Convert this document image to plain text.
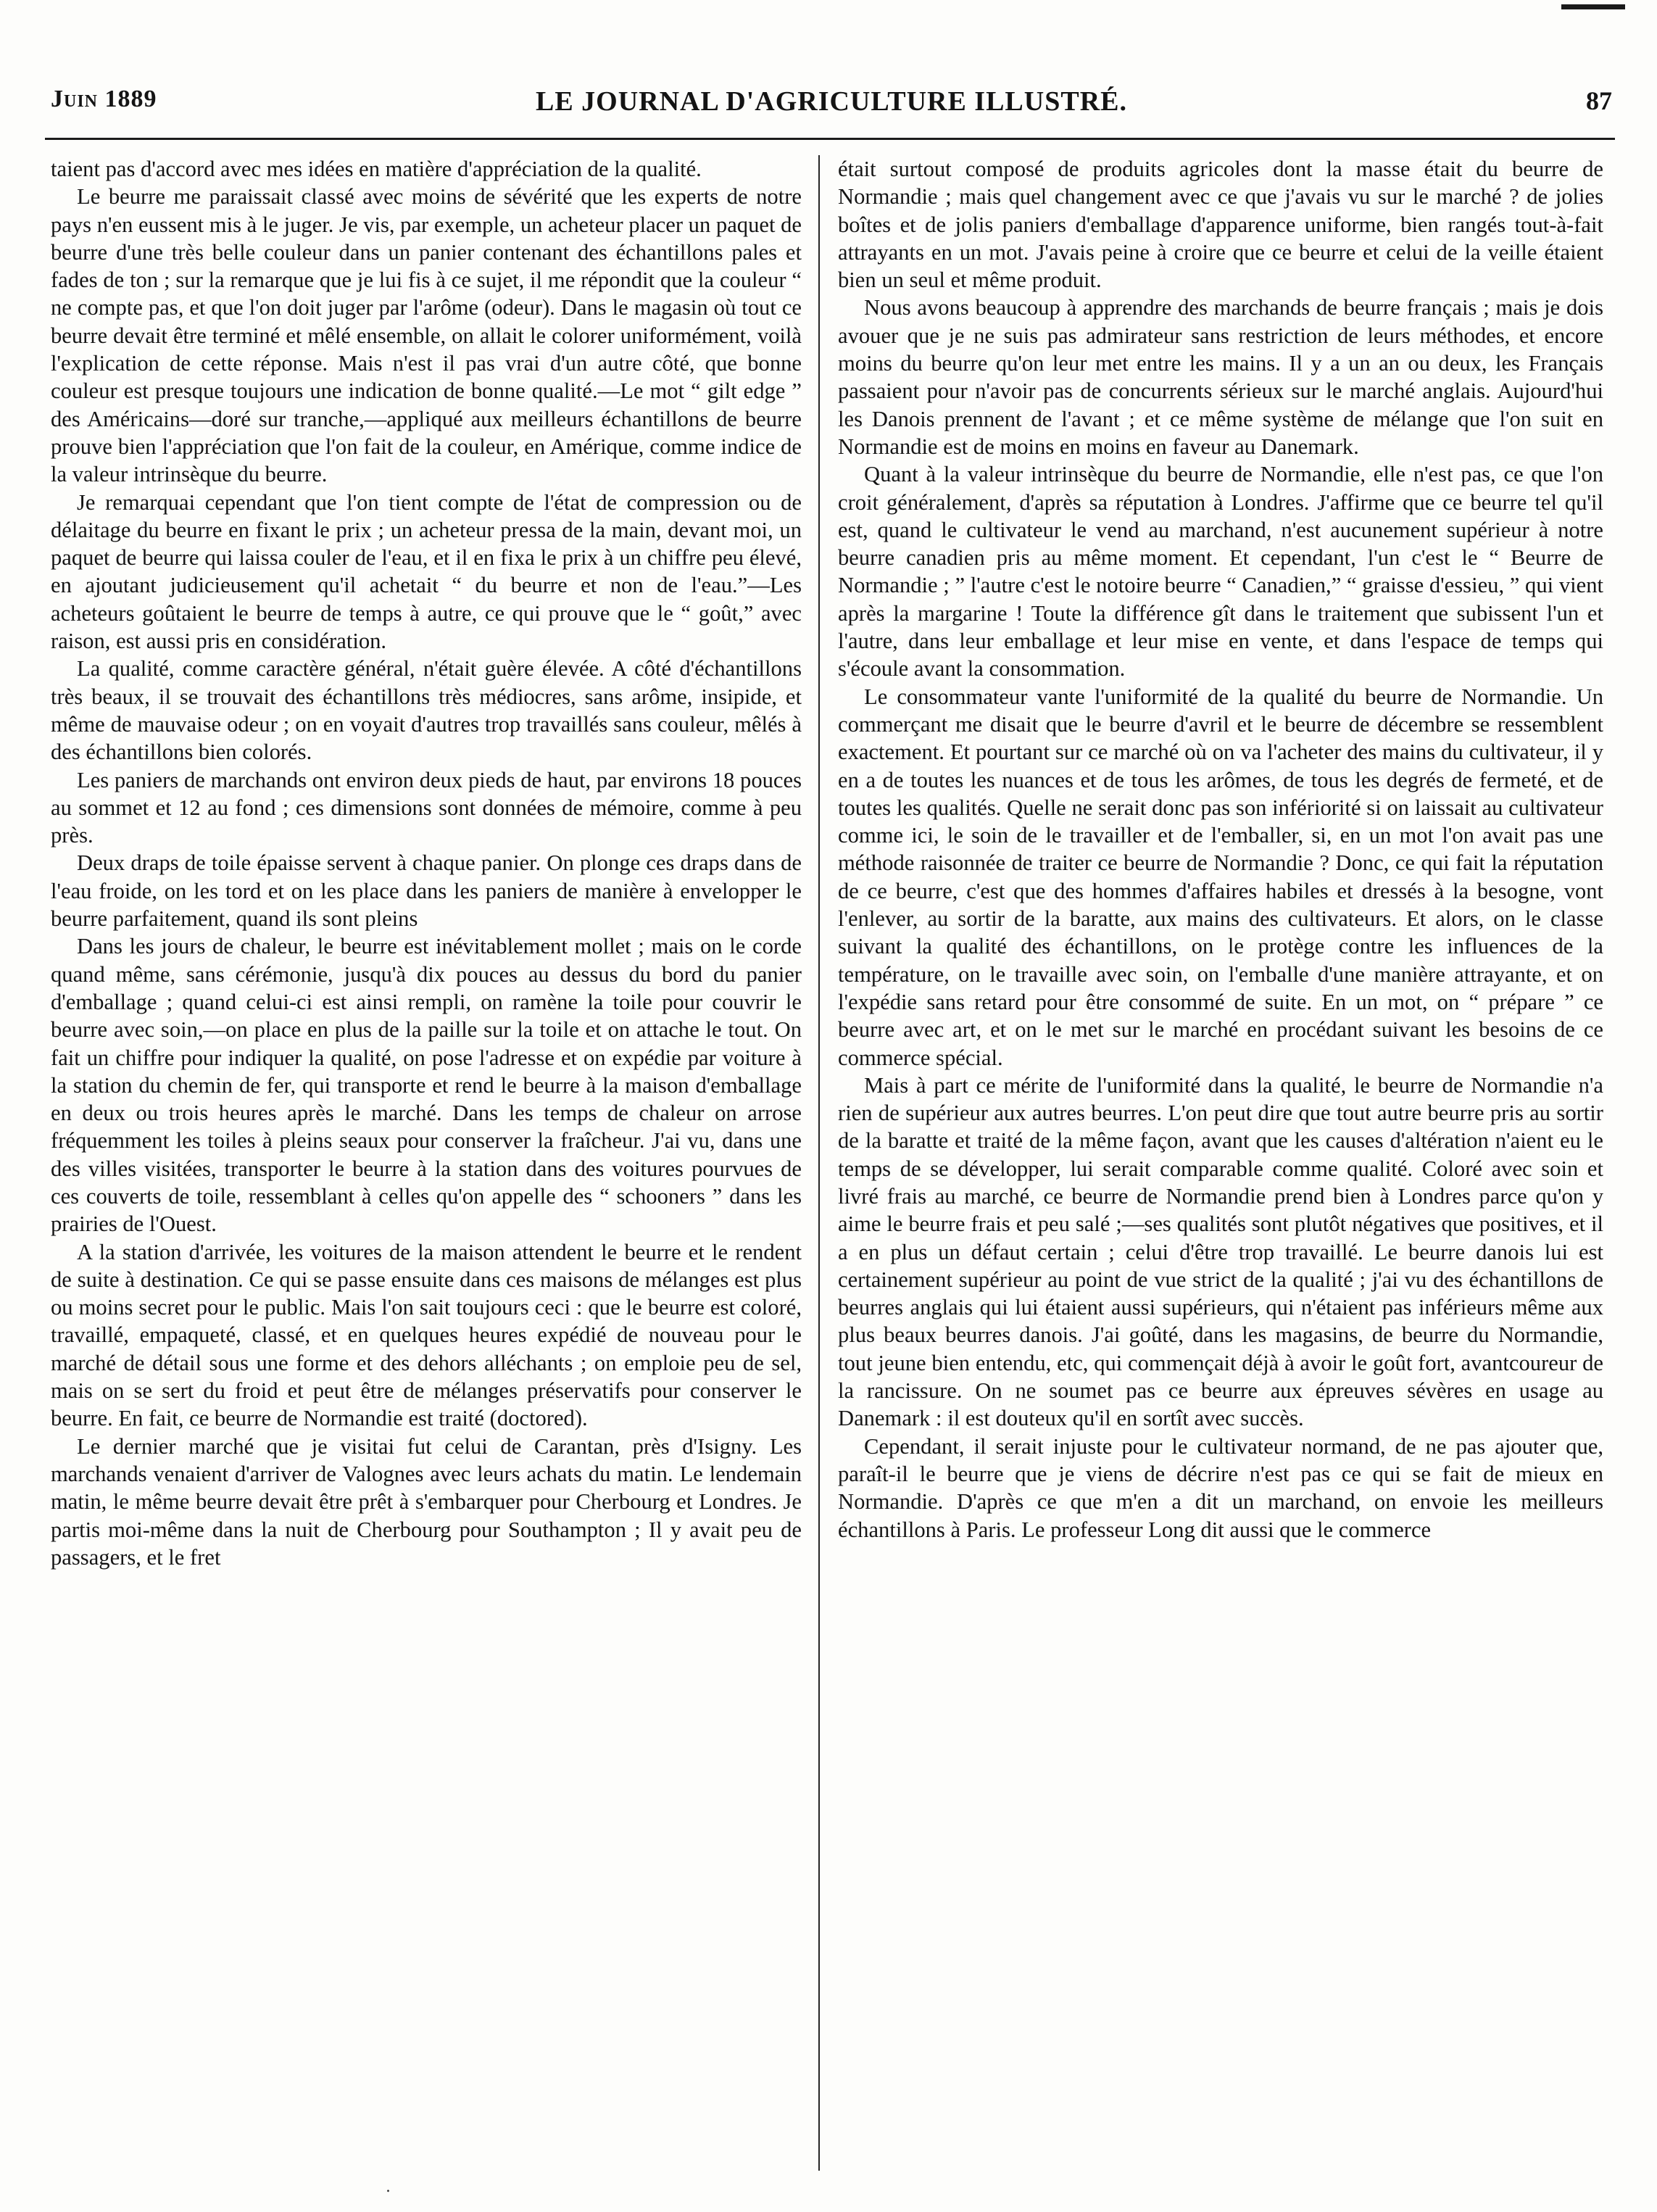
Juin 1889	LE JOURNAL D'AGRICULTURE ILLUSTRÉ.	87

taient pas d'accord avec mes idées en matière d'appréciation de la qualité.

Le beurre me paraissait classé avec moins de sévérité que les experts de notre pays n'en eussent mis à le juger. Je vis, par exemple, un acheteur placer un paquet de beurre d'une très belle couleur dans un panier contenant des échantillons pales et fades de ton ; sur la remarque que je lui fis à ce sujet, il me répondit que la couleur “ ne compte pas, et que l'on doit juger par l'arôme (odeur). Dans le magasin où tout ce beurre devait être terminé et mêlé ensemble, on allait le colorer uniformément, voilà l'explication de cette réponse. Mais n'est il pas vrai d'un autre côté, que bonne couleur est presque toujours une indication de bonne qualité.—Le mot “ gilt edge ” des Américains—doré sur tranche,—appliqué aux meilleurs échantillons de beurre prouve bien l'appréciation que l'on fait de la couleur, en Amérique, comme indice de la valeur intrinsèque du beurre.

Je remarquai cependant que l'on tient compte de l'état de compression ou de délaitage du beurre en fixant le prix ; un acheteur pressa de la main, devant moi, un paquet de beurre qui laissa couler de l'eau, et il en fixa le prix à un chiffre peu élevé, en ajoutant judicieusement qu'il achetait “ du beurre et non de l'eau.”—Les acheteurs goûtaient le beurre de temps à autre, ce qui prouve que le “ goût,” avec raison, est aussi pris en considération.

La qualité, comme caractère général, n'était guère élevée. A côté d'échantillons très beaux, il se trouvait des échantillons très médiocres, sans arôme, insipide, et même de mauvaise odeur ; on en voyait d'autres trop travaillés sans couleur, mêlés à des échantillons bien colorés.

Les paniers de marchands ont environ deux pieds de haut, par environs 18 pouces au sommet et 12 au fond ; ces dimensions sont données de mémoire, comme à peu près.

Deux draps de toile épaisse servent à chaque panier. On plonge ces draps dans de l'eau froide, on les tord et on les place dans les paniers de manière à envelopper le beurre parfaitement, quand ils sont pleins

Dans les jours de chaleur, le beurre est inévitablement mollet ; mais on le corde quand même, sans cérémonie, jusqu'à dix pouces au dessus du bord du panier d'emballage ; quand celui-ci est ainsi rempli, on ramène la toile pour couvrir le beurre avec soin,—on place en plus de la paille sur la toile et on attache le tout. On fait un chiffre pour indiquer la qualité, on pose l'adresse et on expédie par voiture à la station du chemin de fer, qui transporte et rend le beurre à la maison d'emballage en deux ou trois heures après le marché. Dans les temps de chaleur on arrose fréquemment les toiles à pleins seaux pour conserver la fraîcheur. J'ai vu, dans une des villes visitées, transporter le beurre à la station dans des voitures pourvues de ces couverts de toile, ressemblant à celles qu'on appelle des “ schooners ” dans les prairies de l'Ouest.

A la station d'arrivée, les voitures de la maison attendent le beurre et le rendent de suite à destination. Ce qui se passe ensuite dans ces maisons de mélanges est plus ou moins secret pour le public. Mais l'on sait toujours ceci : que le beurre est coloré, travaillé, empaqueté, classé, et en quelques heures expédié de nouveau pour le marché de détail sous une forme et des dehors alléchants ; on emploie peu de sel, mais on se sert du froid et peut être de mélanges préservatifs pour conserver le beurre. En fait, ce beurre de Normandie est traité (doctored).

Le dernier marché que je visitai fut celui de Carantan, près d'Isigny. Les marchands venaient d'arriver de Valognes avec leurs achats du matin. Le lendemain matin, le même beurre devait être prêt à s'embarquer pour Cherbourg et Londres. Je partis moi-même dans la nuit de Cherbourg pour Southampton ; Il y avait peu de passagers, et le fret

était surtout composé de produits agricoles dont la masse était du beurre de Normandie ; mais quel changement avec ce que j'avais vu sur le marché ? de jolies boîtes et de jolis paniers d'emballage d'apparence uniforme, bien rangés tout-à-fait attrayants en un mot. J'avais peine à croire que ce beurre et celui de la veille étaient bien un seul et même produit.

Nous avons beaucoup à apprendre des marchands de beurre français ; mais je dois avouer que je ne suis pas admirateur sans restriction de leurs méthodes, et encore moins du beurre qu'on leur met entre les mains. Il y a un an ou deux, les Français passaient pour n'avoir pas de concurrents sérieux sur le marché anglais. Aujourd'hui les Danois prennent de l'avant ; et ce même système de mélange que l'on suit en Normandie est de moins en moins en faveur au Danemark.

Quant à la valeur intrinsèque du beurre de Normandie, elle n'est pas, ce que l'on croit généralement, d'après sa réputation à Londres. J'affirme que ce beurre tel qu'il est, quand le cultivateur le vend au marchand, n'est aucunement supérieur à notre beurre canadien pris au même moment. Et cependant, l'un c'est le “ Beurre de Normandie ; ” l'autre c'est le notoire beurre “ Canadien,” “ graisse d'essieu, ” qui vient après la margarine ! Toute la différence gît dans le traitement que subissent l'un et l'autre, dans leur emballage et leur mise en vente, et dans l'espace de temps qui s'écoule avant la consommation.

Le consommateur vante l'uniformité de la qualité du beurre de Normandie. Un commerçant me disait que le beurre d'avril et le beurre de décembre se ressemblent exactement. Et pourtant sur ce marché où on va l'acheter des mains du cultivateur, il y en a de toutes les nuances et de tous les arômes, de tous les degrés de fermeté, et de toutes les qualités. Quelle ne serait donc pas son infériorité si on laissait au cultivateur comme ici, le soin de le travailler et de l'emballer, si, en un mot l'on avait pas une méthode raisonnée de traiter ce beurre de Normandie ? Donc, ce qui fait la réputation de ce beurre, c'est que des hommes d'affaires habiles et dressés à la besogne, vont l'enlever, au sortir de la baratte, aux mains des cultivateurs. Et alors, on le classe suivant la qualité des échantillons, on le protège contre les influences de la température, on le travaille avec soin, on l'emballe d'une manière attrayante, et on l'expédie sans retard pour être consommé de suite. En un mot, on “ prépare ” ce beurre avec art, et on le met sur le marché en procédant suivant les besoins de ce commerce spécial.

Mais à part ce mérite de l'uniformité dans la qualité, le beurre de Normandie n'a rien de supérieur aux autres beurres. L'on peut dire que tout autre beurre pris au sortir de la baratte et traité de la même façon, avant que les causes d'altération n'aient eu le temps de se développer, lui serait comparable comme qualité. Coloré avec soin et livré frais au marché, ce beurre de Normandie prend bien à Londres parce qu'on y aime le beurre frais et peu salé ;—ses qualités sont plutôt négatives que positives, et il a en plus un défaut certain ; celui d'être trop travaillé. Le beurre danois lui est certainement supérieur au point de vue strict de la qualité ; j'ai vu des échantillons de beurres anglais qui lui étaient aussi supérieurs, qui n'étaient pas inférieurs même aux plus beaux beurres danois. J'ai goûté, dans les magasins, de beurre du Normandie, tout jeune bien entendu, etc, qui commençait déjà à avoir le goût fort, avantcoureur de la rancissure. On ne soumet pas ce beurre aux épreuves sévères en usage au Danemark : il est douteux qu'il en sortît avec succès.

Cependant, il serait injuste pour le cultivateur normand, de ne pas ajouter que, paraît-il le beurre que je viens de décrire n'est pas ce qui se fait de mieux en Normandie. D'après ce que m'en a dit un marchand, on envoie les meilleurs échantillons à Paris. Le professeur Long dit aussi que le commerce

.
